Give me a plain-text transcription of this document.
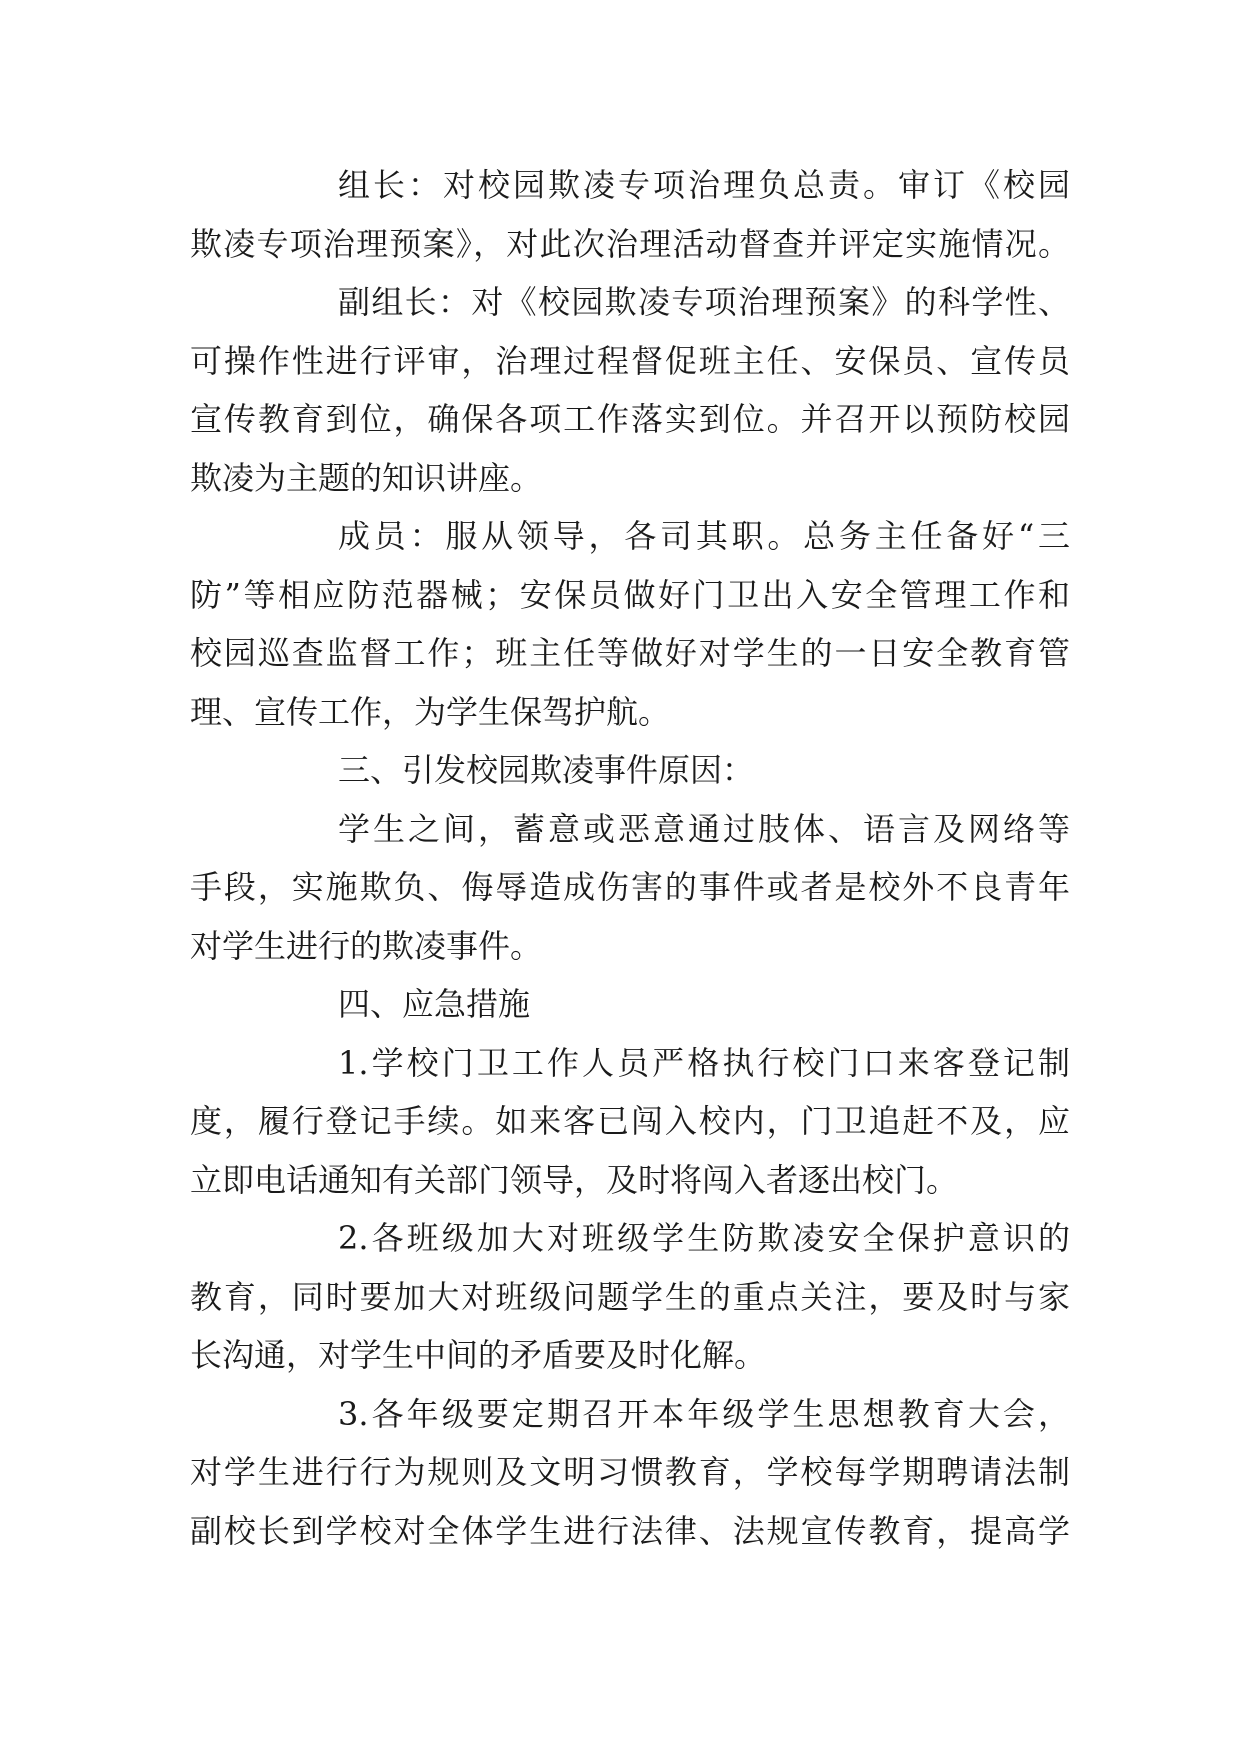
组长：对校园欺凌专项治理负总责。审订《校园
欺凌专项治理预案》，对此次治理活动督查并评定实施情况。
副组长：对《校园欺凌专项治理预案》的科学性、
可操作性进行评审，治理过程督促班主任、安保员、宣传员
宣传教育到位，确保各项工作落实到位。并召开以预防校园
欺凌为主题的知识讲座。
成员：服从领导，各司其职。总务主任备好“三
防”等相应防范器械；安保员做好门卫出入安全管理工作和
校园巡查监督工作；班主任等做好对学生的一日安全教育管
理、宣传工作，为学生保驾护航。
三、引发校园欺凌事件原因：
学生之间，蓄意或恶意通过肢体、语言及网络等
手段，实施欺负、侮辱造成伤害的事件或者是校外不良青年
对学生进行的欺凌事件。
四、应急措施
1.学校门卫工作人员严格执行校门口来客登记制
度，履行登记手续。如来客已闯入校内，门卫追赶不及，应
立即电话通知有关部门领导，及时将闯入者逐出校门。
2.各班级加大对班级学生防欺凌安全保护意识的
教育，同时要加大对班级问题学生的重点关注，要及时与家
长沟通，对学生中间的矛盾要及时化解。
3.各年级要定期召开本年级学生思想教育大会，
对学生进行行为规则及文明习惯教育，学校每学期聘请法制
副校长到学校对全体学生进行法律、法规宣传教育，提高学
